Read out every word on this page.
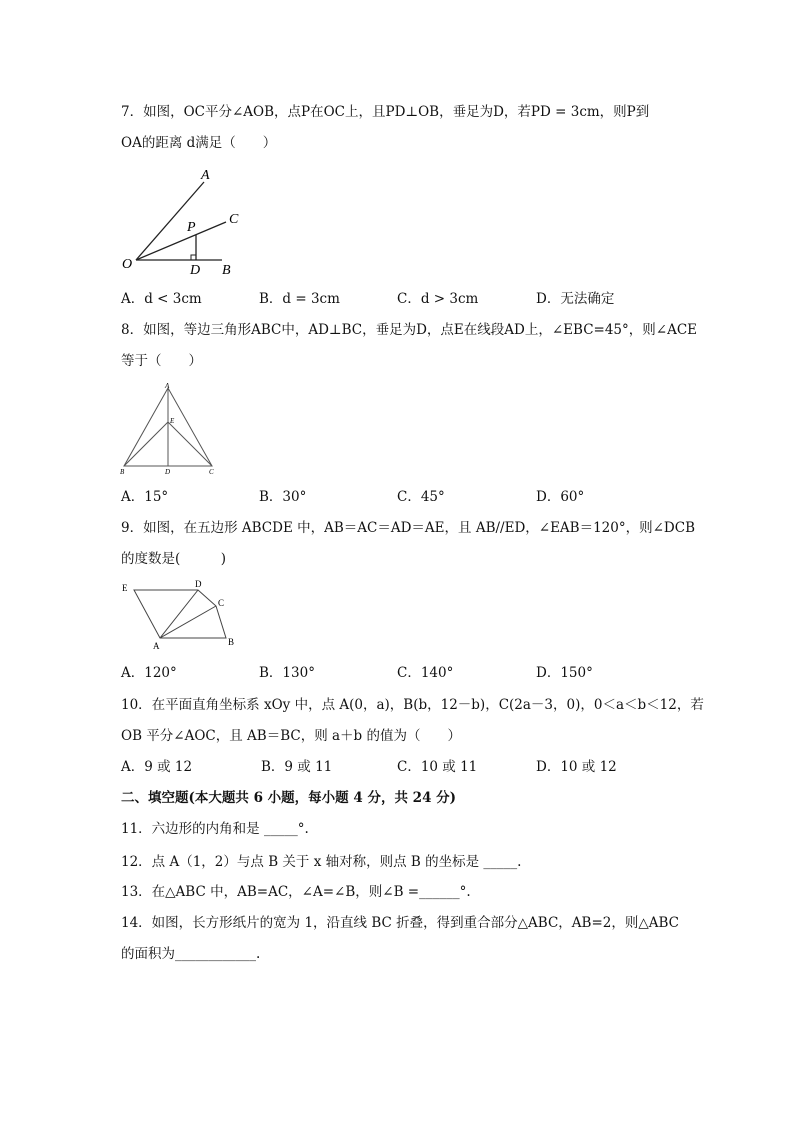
7．如图，OC平分∠AOB，点P在OC上，且PD⊥OB，垂足为D，若PD = 3cm，则P到
OA的距离 d满足（　　）
A
P
C
O	D B
A．d < 3cm	B．d = 3cm	C．d > 3cm	D．无法确定
8．如图，等边三角形ABC中，AD⊥BC，垂足为D，点E在线段AD上，∠EBC=45°，则∠ACE
等于（　　）
A
E
B	D	C
A．15°	B．30°	C．45°	D．60°
9．如图，在五边形 ABCDE 中，AB＝AC＝AD＝AE，且 AB//ED，∠EAB＝120°，则∠DCB
的度数是(　　　)
E	D
C
A	B
A．120°	B．130°	C．140°	D．150°
10．在平面直角坐标系 xOy 中，点 A(0，a)，B(b，12－b)，C(2a－3，0)，0＜a＜b＜12，若
OB 平分∠AOC，且 AB＝BC，则 a＋b 的值为（　　）
A．9 或 12	B．9 或 11	C．10 或 11	D．10 或 12
二、填空题(本大题共 6 小题，每小题 4 分，共 24 分)
11．六边形的内角和是 _____°.
12．点 A（1，2）与点 B 关于 x 轴对称，则点 B 的坐标是 _____.
13．在△ABC 中，AB=AC，∠A=∠B，则∠B =______°.
14．如图，长方形纸片的宽为 1，沿直线 BC 折叠，得到重合部分△ABC，AB=2，则△ABC
的面积为____________.
